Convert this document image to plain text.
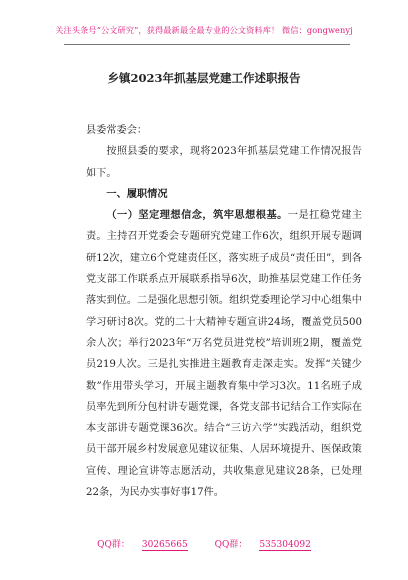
关注头条号“公文研究”，获得最新最全最专业的公文资料库！ 微信：gongwenyj
乡镇2023年抓基层党建工作述职报告

县委常委会：

按照县委的要求，现将2023年抓基层党建工作情况报告如下。

一、履职情况

（一）坚定理想信念，筑牢思想根基。一是扛稳党建主责。主持召开党委会专题研究党建工作6次，组织开展专题调研12次，建立6个党建责任区，落实班子成员“责任田”，到各党支部工作联系点开展联系指导6次，助推基层党建工作任务落实到位。二是强化思想引领。组织党委理论学习中心组集中学习研讨8次。党的二十大精神专题宣讲24场，覆盖党员500余人次；举行2023年“万名党员进党校”培训班2期，覆盖党员219人次。三是扎实推进主题教育走深走实。发挥“关键少数”作用带头学习，开展主题教育集中学习3次。11名班子成员率先到所分包村讲专题党课，各党支部书记结合工作实际在本支部讲专题党课36次。结合“三访六学”实践活动，组织党员干部开展乡村发展意见建议征集、人居环境提升、医保政策宣传、理论宣讲等志愿活动，共收集意见建议28条，已处理22条，为民办实事好事17件。

QQ群： 30265665	QQ群： 535304092
